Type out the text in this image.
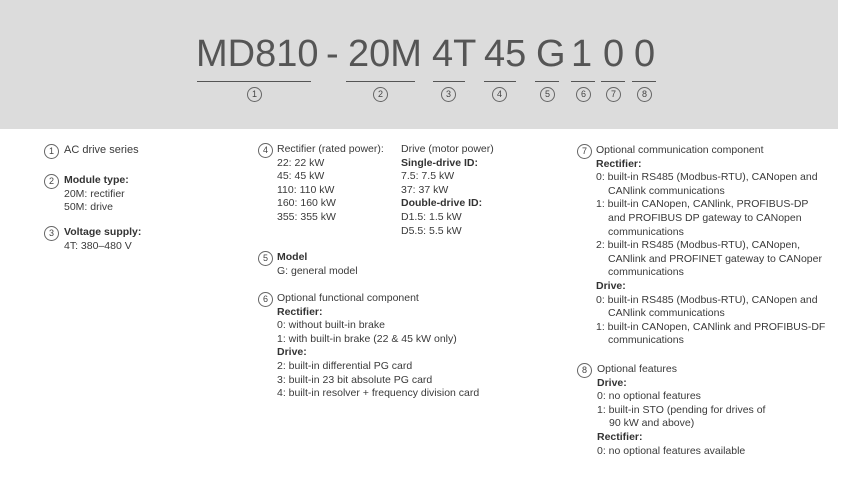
MD810 - 20M 4T 45 G 1 0 0
1	2	3	4	5	6	7	8
1 AC drive series
2 Module type:
20M: rectifier
50M: drive
3 Voltage supply:
4T: 380–480 V
4 Rectifier (rated power):
22: 22 kW
45: 45 kW
110: 110 kW
160: 160 kW
355: 355 kW
Drive (motor power)
Single-drive ID:
7.5: 7.5 kW
37: 37 kW
Double-drive ID:
D1.5: 1.5 kW
D5.5: 5.5 kW
5 Model
G: general model
6 Optional functional component
Rectifier:
0: without built-in brake
1: with built-in brake (22 & 45 kW only)
Drive:
2: built-in differential PG card
3: built-in 23 bit absolute PG card
4: built-in resolver + frequency division card
7 Optional communication component
Rectifier:
0: built-in RS485 (Modbus-RTU), CANopen and
CANlink communications
1: built-in CANopen, CANlink, PROFIBUS-DP
and PROFIBUS DP gateway to CANopen
communications
2: built-in RS485 (Modbus-RTU), CANopen,
CANlink and PROFINET gateway to CANoper
communications
Drive:
0: built-in RS485 (Modbus-RTU), CANopen and
CANlink communications
1: built-in CANopen, CANlink and PROFIBUS-DF
communications
8 Optional features
Drive:
0: no optional features
1: built-in STO (pending for drives of
90 kW and above)
Rectifier:
0: no optional features available
